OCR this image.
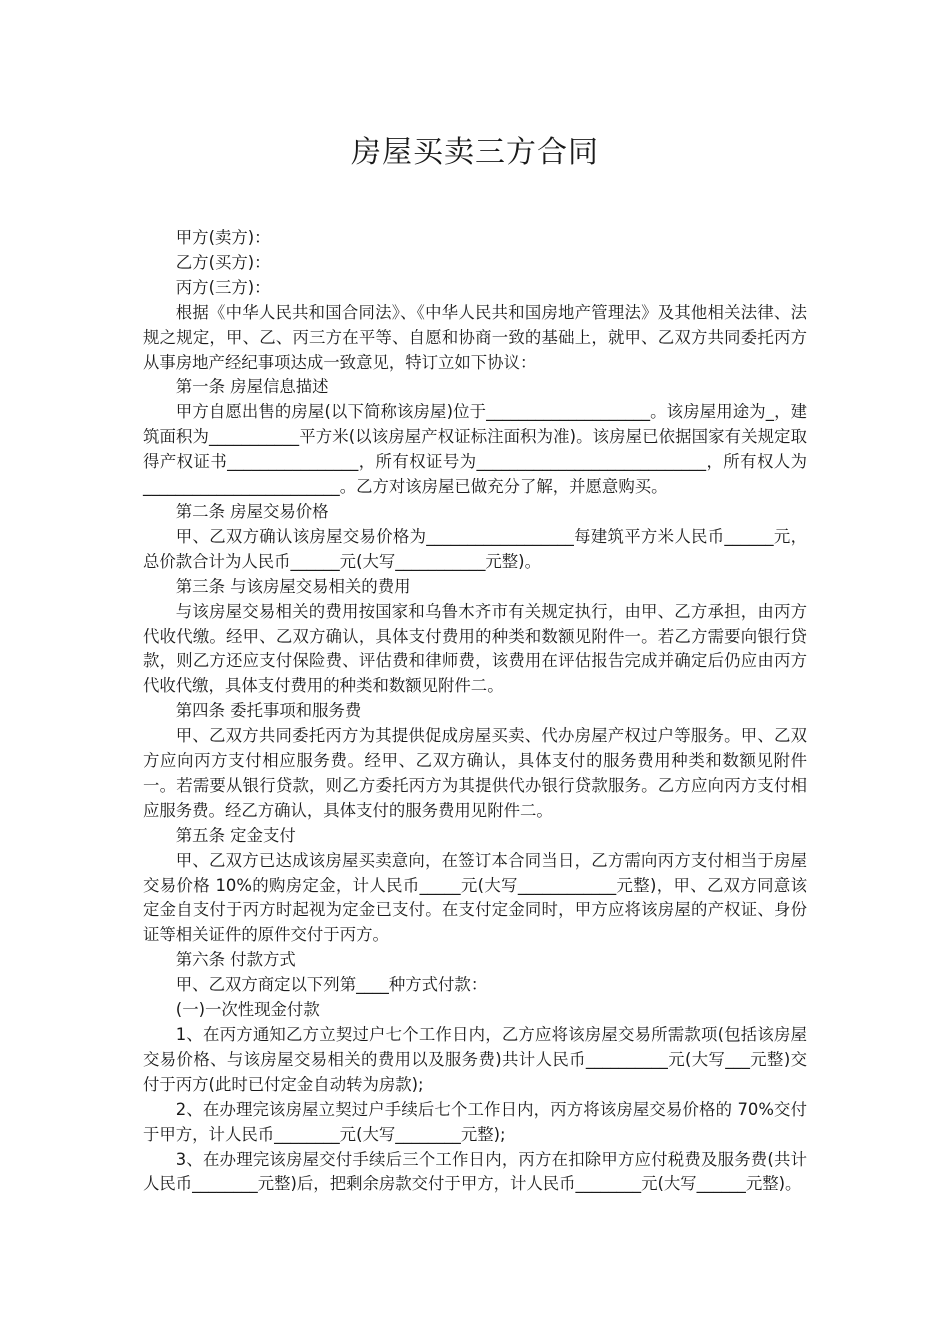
房屋买卖三方合同

甲方(卖方)：

乙方(买方)：

丙方(三方)：

根据《中华人民共和国合同法》、《中华人民共和国房地产管理法》及其他相关法律、法规之规定，甲、乙、丙三方在平等、自愿和协商一致的基础上，就甲、乙双方共同委托丙方从事房地产经纪事项达成一致意见，特订立如下协议：

第一条 房屋信息描述

甲方自愿出售的房屋(以下简称该房屋)位于____________________。该房屋用途为_，建筑面积为___________平方米(以该房屋产权证标注面积为准)。该房屋已依据国家有关规定取得产权证书________________，所有权证号为____________________________，所有权人为________________________。乙方对该房屋已做充分了解，并愿意购买。

第二条 房屋交易价格

甲、乙双方确认该房屋交易价格为__________________每建筑平方米人民币______元，总价款合计为人民币______元(大写___________元整)。

第三条 与该房屋交易相关的费用

与该房屋交易相关的费用按国家和乌鲁木齐市有关规定执行，由甲、乙方承担，由丙方代收代缴。经甲、乙双方确认，具体支付费用的种类和数额见附件一。若乙方需要向银行贷款，则乙方还应支付保险费、评估费和律师费，该费用在评估报告完成并确定后仍应由丙方代收代缴，具体支付费用的种类和数额见附件二。

第四条 委托事项和服务费

甲、乙双方共同委托丙方为其提供促成房屋买卖、代办房屋产权过户等服务。甲、乙双方应向丙方支付相应服务费。经甲、乙双方确认，具体支付的服务费用种类和数额见附件一。若需要从银行贷款，则乙方委托丙方为其提供代办银行贷款服务。乙方应向丙方支付相应服务费。经乙方确认，具体支付的服务费用见附件二。

第五条 定金支付

甲、乙双方已达成该房屋买卖意向，在签订本合同当日，乙方需向丙方支付相当于房屋交易价格 10%的购房定金，计人民币_____元(大写____________元整)，甲、乙双方同意该定金自支付于丙方时起视为定金已支付。在支付定金同时，甲方应将该房屋的产权证、身份证等相关证件的原件交付于丙方。

第六条 付款方式

甲、乙双方商定以下列第____种方式付款：

(一)一次性现金付款

1、在丙方通知乙方立契过户七个工作日内，乙方应将该房屋交易所需款项(包括该房屋交易价格、与该房屋交易相关的费用以及服务费)共计人民币__________元(大写___元整)交付于丙方(此时已付定金自动转为房款);

2、在办理完该房屋立契过户手续后七个工作日内，丙方将该房屋交易价格的 70%交付于甲方，计人民币________元(大写________元整);

3、在办理完该房屋交付手续后三个工作日内，丙方在扣除甲方应付税费及服务费(共计人民币________元整)后，把剩余房款交付于甲方，计人民币________元(大写______元整)。
